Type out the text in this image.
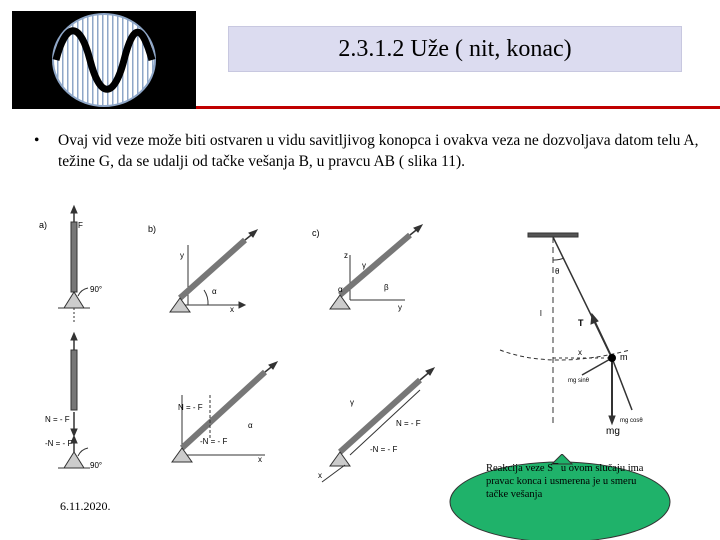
2.3.1.2 Uže ( nit, konac)
• Ovaj vid veze može biti ostvaren u vidu savitljivog konopca i ovakva veza ne dozvoljava datom telu A, težine G, da se udalji od tačke vešanja B, u pravcu AB ( slika 11).
a)	b)	c)
F
90°
N = - F
-N = - F
90°
y
x
α
z
γ
α	β
y
N = - F
-N = - F
α
x
γ
N = - F
-N = - F
x
θ
l
T
x	m
mg sinθ
mg cosθ
mg
Reakcija veze S¯ u ovom slučaju ima pravac konca i usmerena je u smeru tačke vešanja
6.11.2020.
